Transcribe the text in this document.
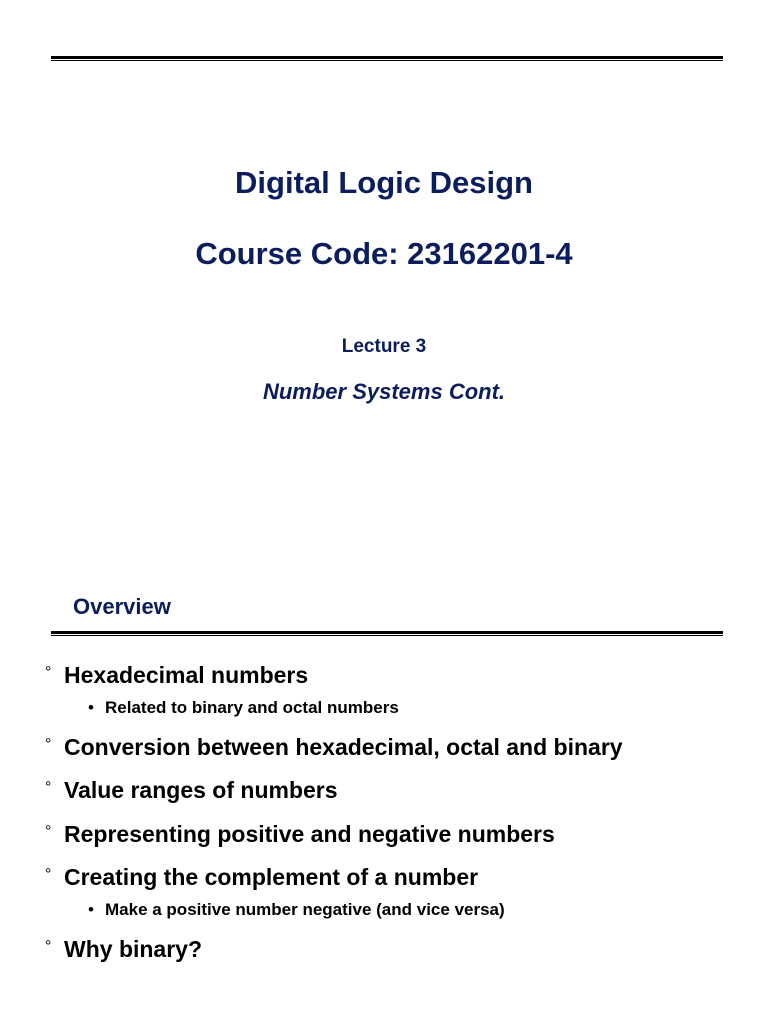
Digital Logic Design
Course Code: 23162201-4
Lecture 3
Number Systems Cont.
Overview
° Hexadecimal numbers
• Related to binary and octal numbers
° Conversion between hexadecimal, octal and binary
° Value ranges of numbers
° Representing positive and negative numbers
° Creating the complement of a number
• Make a positive number negative (and vice versa)
° Why binary?
